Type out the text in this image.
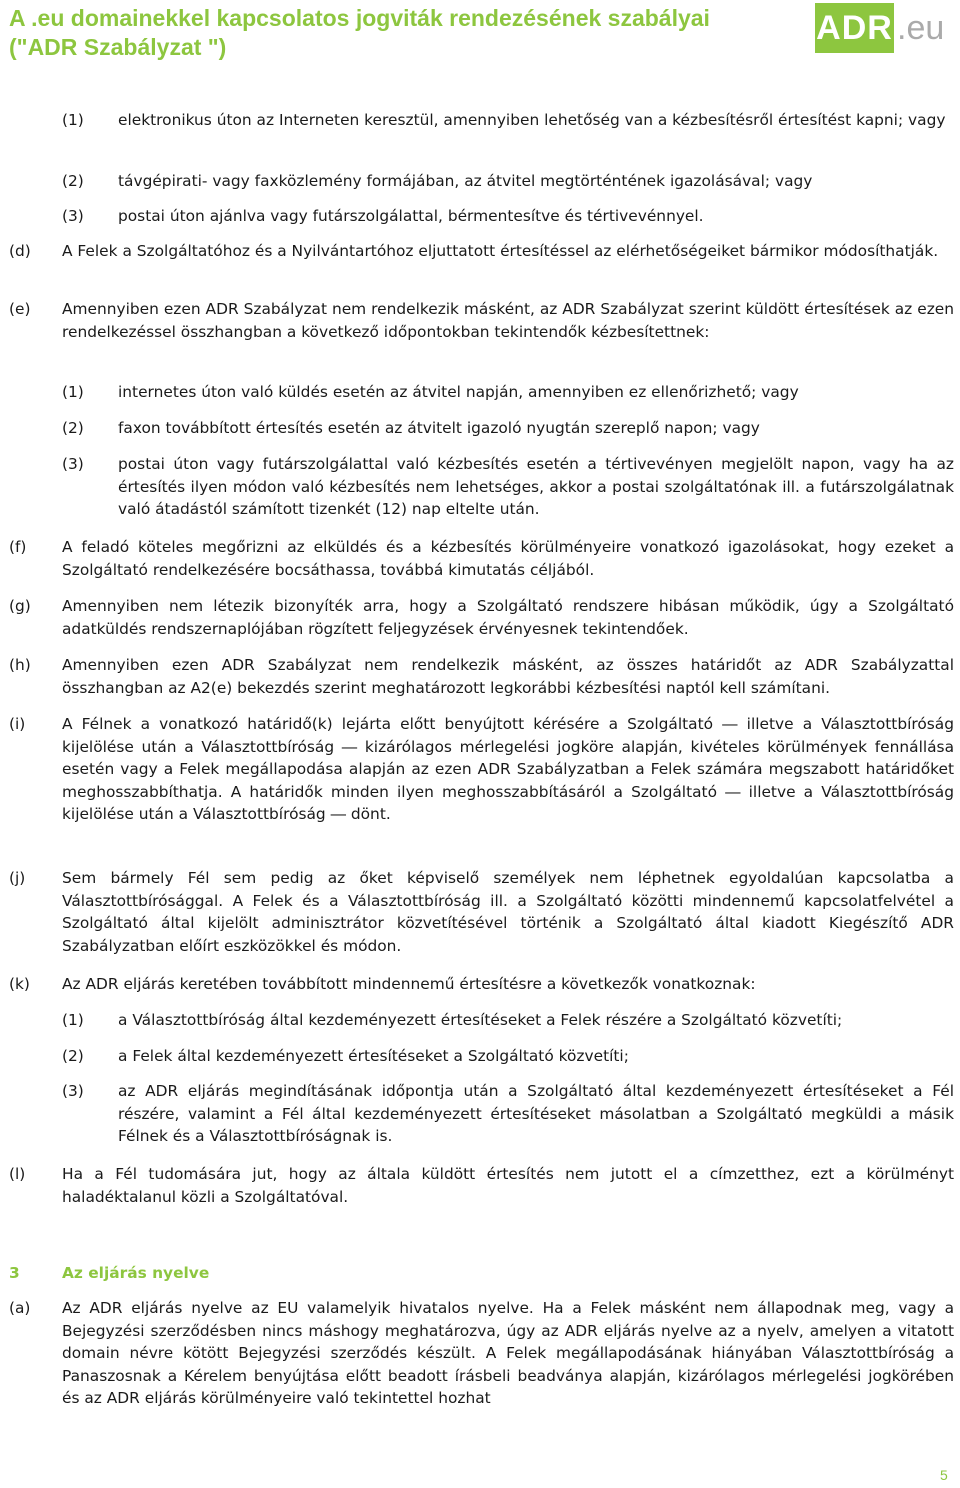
A .eu domainekkel kapcsolatos jogviták rendezésének szabályai
("ADR Szabályzat ")	ADR .eu
(1) elektronikus úton az Interneten keresztül, amennyiben lehetőség van a kézbesítésről értesítést kapni; vagy
(2) távgépirati- vagy faxközlemény formájában, az átvitel megtörténtének igazolásával; vagy
(3) postai úton ajánlva vagy futárszolgálattal, bérmentesítve és tértivevénnyel.
(d) A Felek a Szolgáltatóhoz és a Nyilvántartóhoz eljuttatott értesítéssel az elérhetőségeiket bármikor módosíthatják.
(e) Amennyiben ezen ADR Szabályzat nem rendelkezik másként, az ADR Szabályzat szerint küldött értesítések az ezen rendelkezéssel összhangban a következő időpontokban tekintendők kézbesítettnek:
(1) internetes úton való küldés esetén az átvitel napján, amennyiben ez ellenőrizhető; vagy
(2) faxon továbbított értesítés esetén az átvitelt igazoló nyugtán szereplő napon; vagy
(3) postai úton vagy futárszolgálattal való kézbesítés esetén a tértivevényen megjelölt napon, vagy ha az értesítés ilyen módon való kézbesítés nem lehetséges, akkor a postai szolgáltatónak ill. a futárszolgálatnak való átadástól számított tizenkét (12) nap eltelte után.
(f) A feladó köteles megőrizni az elküldés és a kézbesítés körülményeire vonatkozó igazolásokat, hogy ezeket a Szolgáltató rendelkezésére bocsáthassa, továbbá kimutatás céljából.
(g) Amennyiben nem létezik bizonyíték arra, hogy a Szolgáltató rendszere hibásan működik, úgy a Szolgáltató adatküldés rendszernaplójában rögzített feljegyzések érvényesnek tekintendőek.
(h) Amennyiben ezen ADR Szabályzat nem rendelkezik másként, az összes határidőt az ADR Szabályzattal összhangban az A2(e) bekezdés szerint meghatározott legkorábbi kézbesítési naptól kell számítani.
(i) A Félnek a vonatkozó határidő(k) lejárta előtt benyújtott kérésére a Szolgáltató ― illetve a Választottbíróság kijelölése után a Választottbíróság ― kizárólagos mérlegelési jogköre alapján, kivételes körülmények fennállása esetén vagy a Felek megállapodása alapján az ezen ADR Szabályzatban a Felek számára megszabott határidőket meghosszabbíthatja. A határidők minden ilyen meghosszabbításáról a Szolgáltató ― illetve a Választottbíróság kijelölése után a Választottbíróság ― dönt.
(j) Sem bármely Fél sem pedig az őket képviselő személyek nem léphetnek egyoldalúan kapcsolatba a Választottbírósággal. A Felek és a Választottbíróság ill. a Szolgáltató közötti mindennemű kapcsolatfelvétel a Szolgáltató által kijelölt adminisztrátor közvetítésével történik a Szolgáltató által kiadott Kiegészítő ADR Szabályzatban előírt eszközökkel és módon.
(k) Az ADR eljárás keretében továbbított mindennemű értesítésre a következők vonatkoznak:
(1) a Választottbíróság által kezdeményezett értesítéseket a Felek részére a Szolgáltató közvetíti;
(2) a Felek által kezdeményezett értesítéseket a Szolgáltató közvetíti;
(3) az ADR eljárás megindításának időpontja után a Szolgáltató által kezdeményezett értesítéseket a Fél részére, valamint a Fél által kezdeményezett értesítéseket másolatban a Szolgáltató megküldi a másik Félnek és a Választottbíróságnak is.
(l) Ha a Fél tudomására jut, hogy az általa küldött értesítés nem jutott el a címzetthez, ezt a körülményt haladéktalanul közli a Szolgáltatóval.
3	Az eljárás nyelve
(a) Az ADR eljárás nyelve az EU valamelyik hivatalos nyelve. Ha a Felek másként nem állapodnak meg, vagy a Bejegyzési szerződésben nincs máshogy meghatározva, úgy az ADR eljárás nyelve az a nyelv, amelyen a vitatott domain névre kötött Bejegyzési szerződés készült. A Felek megállapodásának hiányában Választottbíróság a Panaszosnak a Kérelem benyújtása előtt beadott írásbeli beadványa alapján, kizárólagos mérlegelési jogkörében és az ADR eljárás körülményeire való tekintettel hozhat
5
